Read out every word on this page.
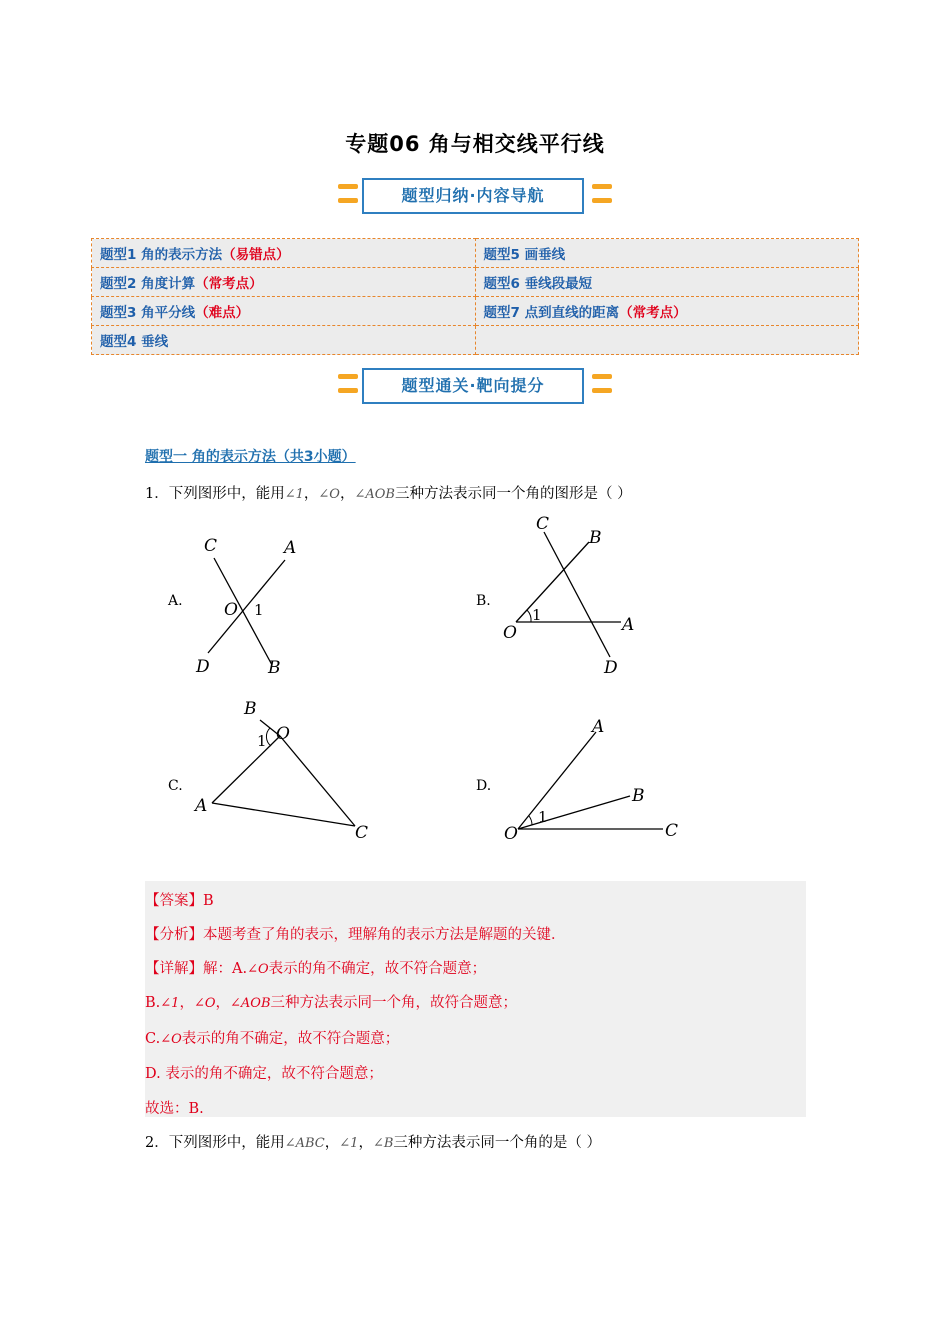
专题06 角与相交线平行线
题型归纳·内容导航
题型1 角的表示方法（易错点）	题型5 画垂线
题型2 角度计算（常考点）	题型6 垂线段最短
题型3 角平分线（难点）	题型7 点到直线的距离（常考点）
题型4 垂线	
题型通关·靶向提分
题型一 角的表示方法（共3小题）
1．下列图形中，能用∠1，∠O，∠AOB三种方法表示同一个角的图形是（ ）
A.	B.
C.	D.
C	A
O 1
D	B
C
B
O
1	A
D
B
O
1
A
C
A
B
O
1
C
【答案】B
【分析】本题考查了角的表示，理解角的表示方法是解题的关键．
【详解】解：A.∠O表示的角不确定，故不符合题意；
B.∠1，∠O，∠AOB三种方法表示同一个角，故符合题意；
C.∠O表示的角不确定，故不符合题意；
D. 表示的角不确定，故不符合题意；
故选：B.
2．下列图形中，能用∠ABC，∠1，∠B三种方法表示同一个角的是（ ）
